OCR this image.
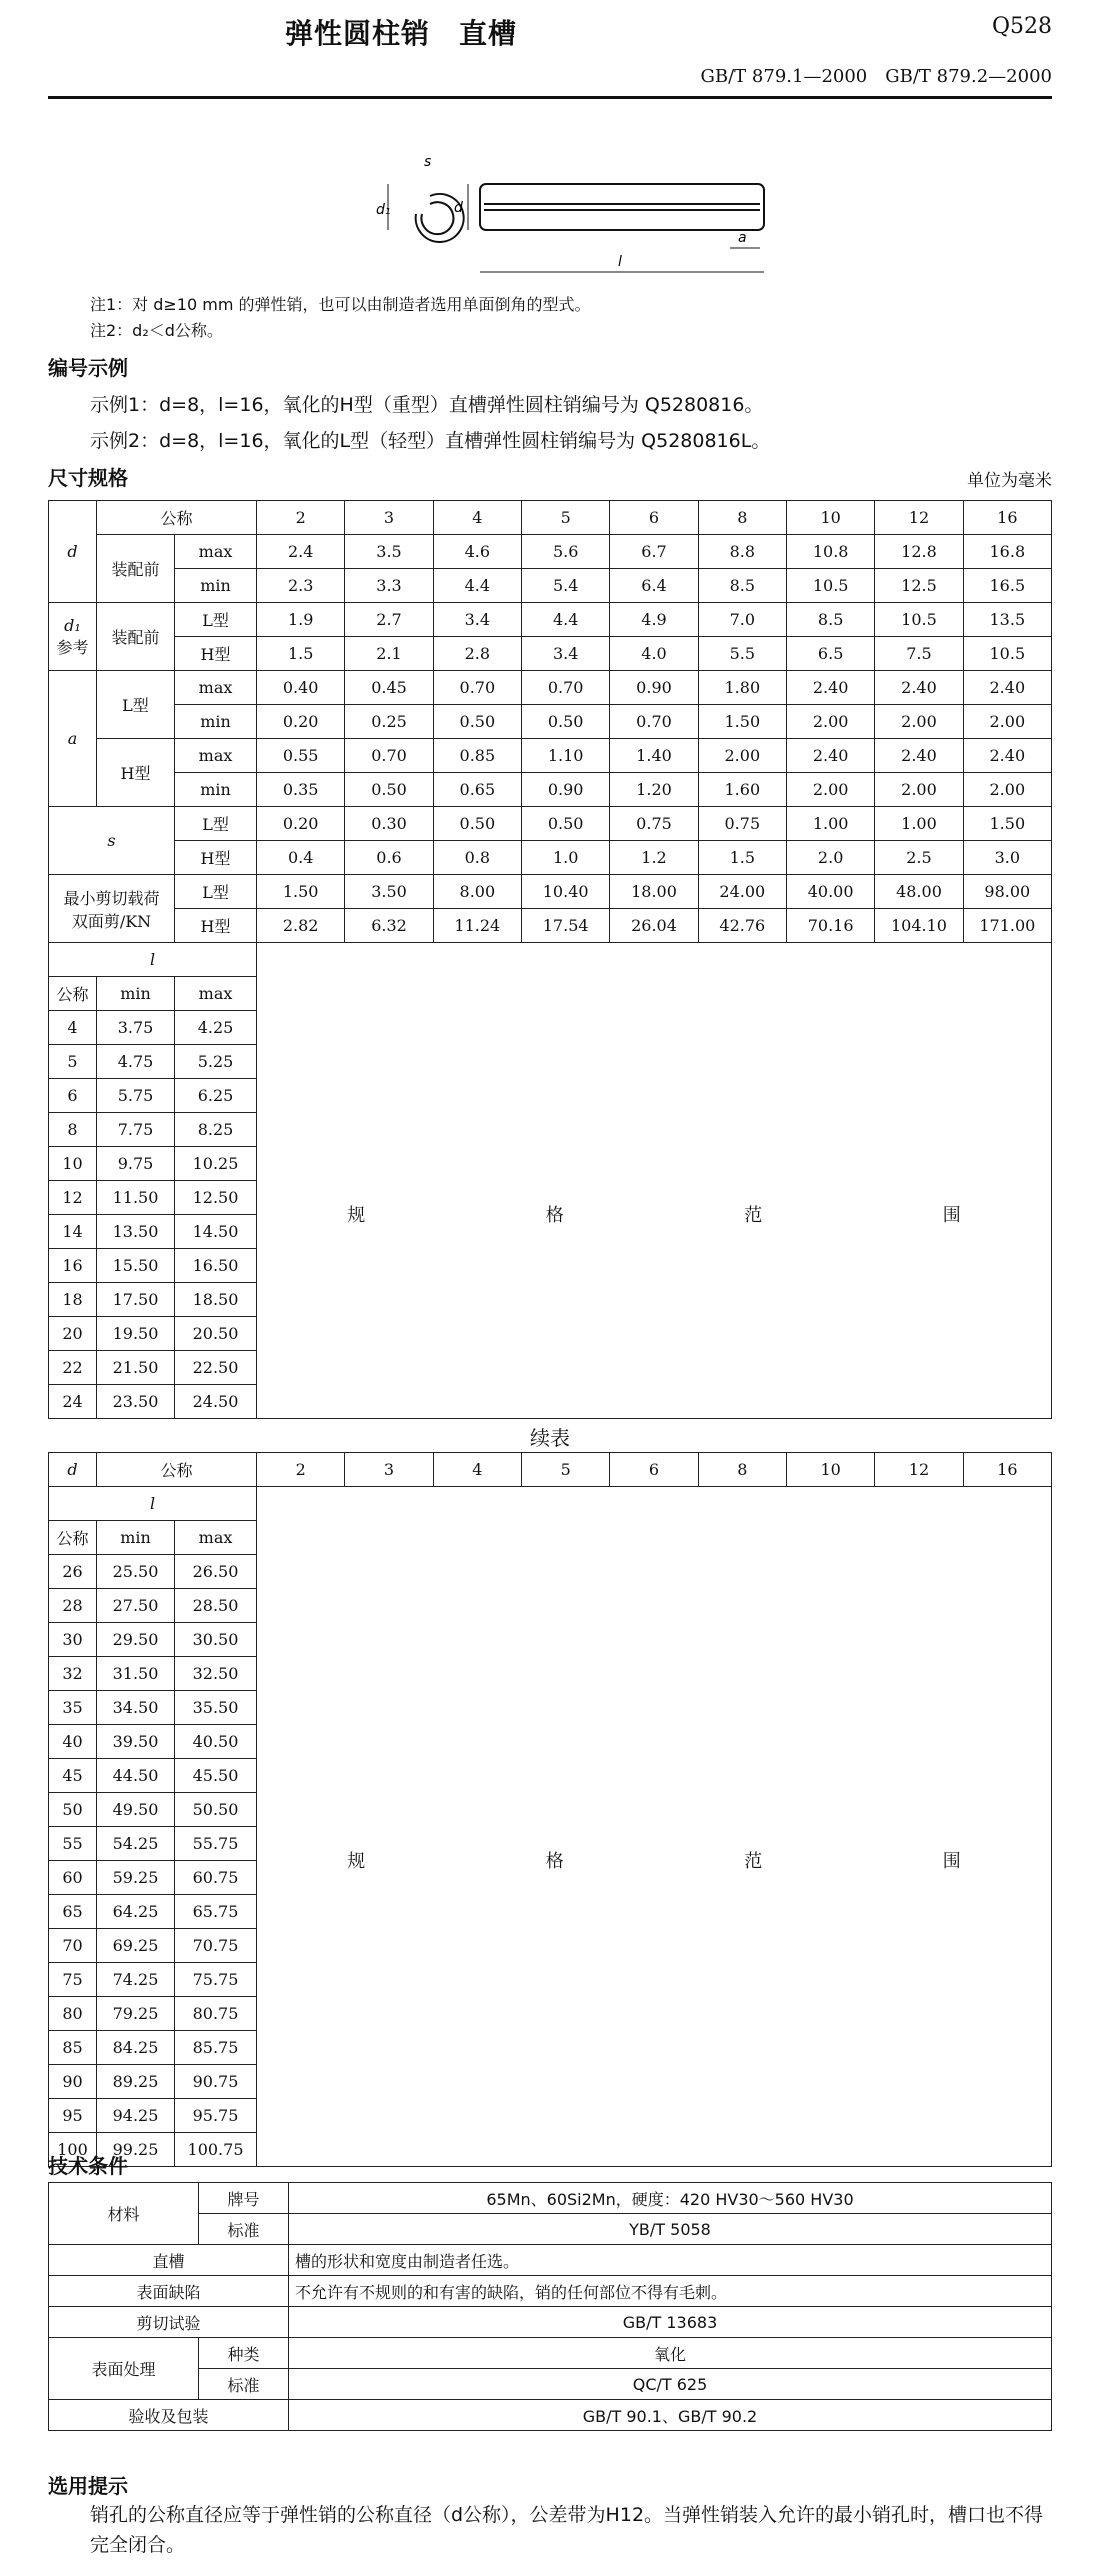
弹性圆柱销　直槽	Q528
GB/T 879.1—2000　GB/T 879.2—2000
d₁
s
d
a
l
注1：对 d≥10 mm 的弹性销，也可以由制造者选用单面倒角的型式。
注2：d₂＜d公称。
编号示例
示例1：d=8，l=16，氧化的H型（重型）直槽弹性圆柱销编号为 Q5280816。
示例2：d=8，l=16，氧化的L型（轻型）直槽弹性圆柱销编号为 Q5280816L。
尺寸规格	单位为毫米
d	公称		2	3	4	5	6	8	10	12	16
	装配前	max	2.4	3.5	4.6	5.6	6.7	8.8	10.8	12.8	16.8
		min	2.3	3.3	4.4	5.4	6.4	8.5	10.5	12.5	16.5
d₁
参考	装配前	L型	1.9	2.7	3.4	4.4	4.9	7.0	8.5	10.5	13.5
		H型	1.5	2.1	2.8	3.4	4.0	5.5	6.5	7.5	10.5
a	L型	max	0.40	0.45	0.70	0.70	0.90	1.80	2.40	2.40	2.40
		min	0.20	0.25	0.50	0.50	0.70	1.50	2.00	2.00	2.00
	H型	max	0.55	0.70	0.85	1.10	1.40	2.00	2.40	2.40	2.40
		min	0.35	0.50	0.65	0.90	1.20	1.60	2.00	2.00	2.00
s		L型	0.20	0.30	0.50	0.50	0.75	0.75	1.00	1.00	1.50
		H型	0.4	0.6	0.8	1.0	1.2	1.5	2.0	2.5	3.0
最小剪切载荷
双面剪/KN		L型	1.50	3.50	8.00	10.40	18.00	24.00	40.00	48.00	98.00
		H型	2.82	6.32	11.24	17.54	26.04	42.76	70.16	104.10	171.00
l											
公称	min	max									
4	3.75	4.25	规 格 范 围								

5	4.75	5.25									
6	5.75	6.25									
8	7.75	8.25									
10	9.75	10.25									
12	11.50	12.50									
14	13.50	14.50									
16	15.50	16.50									
18	17.50	18.50									
20	19.50	20.50									
22	21.50	22.50									
24	23.50	24.50									
续表
d	公称		2	3	4	5	6	8	10	12	16
l											
公称	min	max									
26	25.50	26.50	规 格 范 围								

28	27.50	28.50									
30	29.50	30.50									
32	31.50	32.50									
35	34.50	35.50									
40	39.50	40.50									
45	44.50	45.50									
50	49.50	50.50									
55	54.25	55.75									
60	59.25	60.75									
65	64.25	65.75									
70	69.25	70.75									
75	74.25	75.75									
80	79.25	80.75									
85	84.25	85.75									
90	89.25	90.75									
95	94.25	95.75									
100	99.25	100.75									
技术条件
材料	牌号	65Mn、60Si2Mn，硬度：420 HV30～560 HV30
	标准	YB/T 5058
直槽		槽的形状和宽度由制造者任选。
表面缺陷		不允许有不规则的和有害的缺陷，销的任何部位不得有毛刺。
剪切试验		GB/T 13683
表面处理	种类	氧化
	标准	QC/T 625
验收及包装		GB/T 90.1、GB/T 90.2
选用提示
销孔的公称直径应等于弹性销的公称直径（d公称），公差带为H12。当弹性销装入允许的最小销孔时，槽口也不得完全闭合。
